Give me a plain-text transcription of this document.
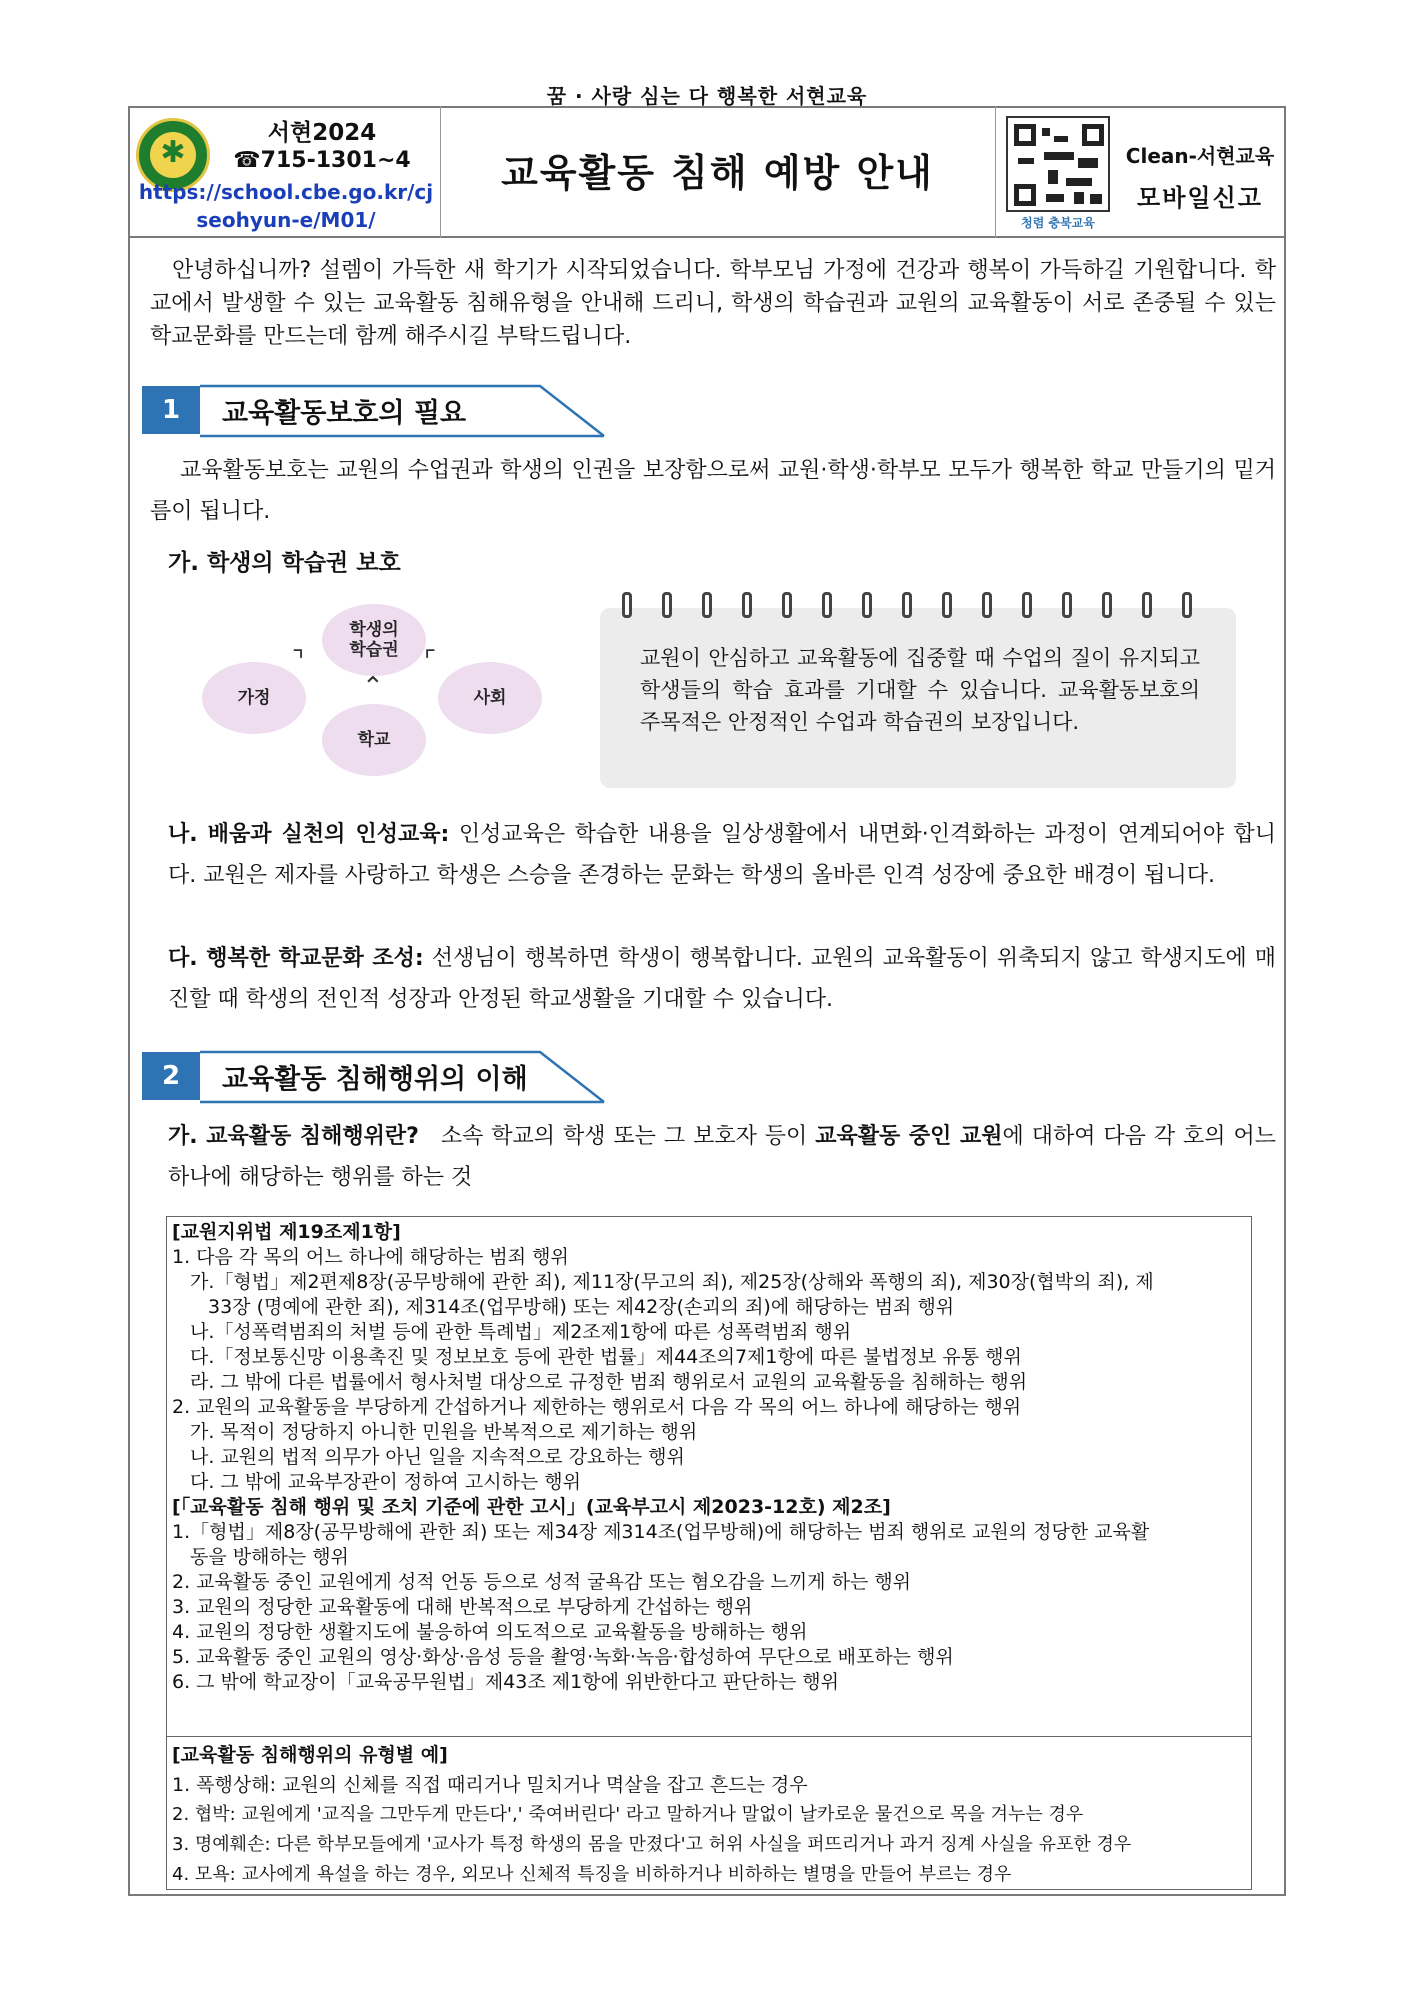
꿈 · 사랑 심는 다 행복한 서현교육
✱
서현2024
☎715-1301~4
https://school.cbe.go.kr/cj
seohyun-e/M01/
교육활동 침해 예방 안내
청렴 충북교육
Clean-서현교육
모바일신고
안녕하십니까? 설렘이 가득한 새 학기가 시작되었습니다. 학부모님 가정에 건강과 행복이 가득하길 기원합니다. 학교에서 발생할 수 있는 교육활동 침해유형을 안내해 드리니, 학생의 학습권과 교원의 교육활동이 서로 존중될 수 있는 학교문화를 만드는데 함께 해주시길 부탁드립니다.
1	교육활동보호의 필요
교육활동보호는 교원의 수업권과 학생의 인권을 보장함으로써 교원·학생·학부모 모두가 행복한 학교 만들기의 밑거름이 됩니다.
가. 학생의 학습권 보호
학생의
학습권
가정	사회
학교
⌝	⌜
⌃
교원이 안심하고 교육활동에 집중할 때 수업의 질이 유지되고 학생들의 학습 효과를 기대할 수 있습니다. 교육활동보호의 주목적은 안정적인 수업과 학습권의 보장입니다.
나. 배움과 실천의 인성교육: 인성교육은 학습한 내용을 일상생활에서 내면화·인격화하는 과정이 연계되어야 합니다. 교원은 제자를 사랑하고 학생은 스승을 존경하는 문화는 학생의 올바른 인격 성장에 중요한 배경이 됩니다.
다. 행복한 학교문화 조성: 선생님이 행복하면 학생이 행복합니다. 교원의 교육활동이 위축되지 않고 학생지도에 매진할 때 학생의 전인적 성장과 안정된 학교생활을 기대할 수 있습니다.
2	교육활동 침해행위의 이해
가. 교육활동 침해행위란? 소속 학교의 학생 또는 그 보호자 등이 교육활동 중인 교원에 대하여 다음 각 호의 어느 하나에 해당하는 행위를 하는 것
[교원지위법 제19조제1항]
1. 다음 각 목의 어느 하나에 해당하는 범죄 행위
가.「형법」제2편제8장(공무방해에 관한 죄), 제11장(무고의 죄), 제25장(상해와 폭행의 죄), 제30장(협박의 죄), 제
33장 (명예에 관한 죄), 제314조(업무방해) 또는 제42장(손괴의 죄)에 해당하는 범죄 행위
나.「성폭력범죄의 처벌 등에 관한 특례법」제2조제1항에 따른 성폭력범죄 행위
다.「정보통신망 이용촉진 및 정보보호 등에 관한 법률」제44조의7제1항에 따른 불법정보 유통 행위
라. 그 밖에 다른 법률에서 형사처벌 대상으로 규정한 범죄 행위로서 교원의 교육활동을 침해하는 행위
2. 교원의 교육활동을 부당하게 간섭하거나 제한하는 행위로서 다음 각 목의 어느 하나에 해당하는 행위
가. 목적이 정당하지 아니한 민원을 반복적으로 제기하는 행위
나. 교원의 법적 의무가 아닌 일을 지속적으로 강요하는 행위
다. 그 밖에 교육부장관이 정하여 고시하는 행위
[「교육활동 침해 행위 및 조치 기준에 관한 고시」(교육부고시 제2023-12호) 제2조]
1.「형법」제8장(공무방해에 관한 죄) 또는 제34장 제314조(업무방해)에 해당하는 범죄 행위로 교원의 정당한 교육활
동을 방해하는 행위
2. 교육활동 중인 교원에게 성적 언동 등으로 성적 굴욕감 또는 혐오감을 느끼게 하는 행위
3. 교원의 정당한 교육활동에 대해 반복적으로 부당하게 간섭하는 행위
4. 교원의 정당한 생활지도에 불응하여 의도적으로 교육활동을 방해하는 행위
5. 교육활동 중인 교원의 영상·화상·음성 등을 촬영·녹화·녹음·합성하여 무단으로 배포하는 행위
6. 그 밖에 학교장이「교육공무원법」제43조 제1항에 위반한다고 판단하는 행위
[교육활동 침해행위의 유형별 예]
1. 폭행상해: 교원의 신체를 직접 때리거나 밀치거나 멱살을 잡고 흔드는 경우
2. 협박: 교원에게 '교직을 그만두게 만든다',' 죽여버린다' 라고 말하거나 말없이 날카로운 물건으로 목을 겨누는 경우
3. 명예훼손: 다른 학부모들에게 '교사가 특정 학생의 몸을 만졌다'고 허위 사실을 퍼뜨리거나 과거 징계 사실을 유포한 경우
4. 모욕: 교사에게 욕설을 하는 경우, 외모나 신체적 특징을 비하하거나 비하하는 별명을 만들어 부르는 경우
